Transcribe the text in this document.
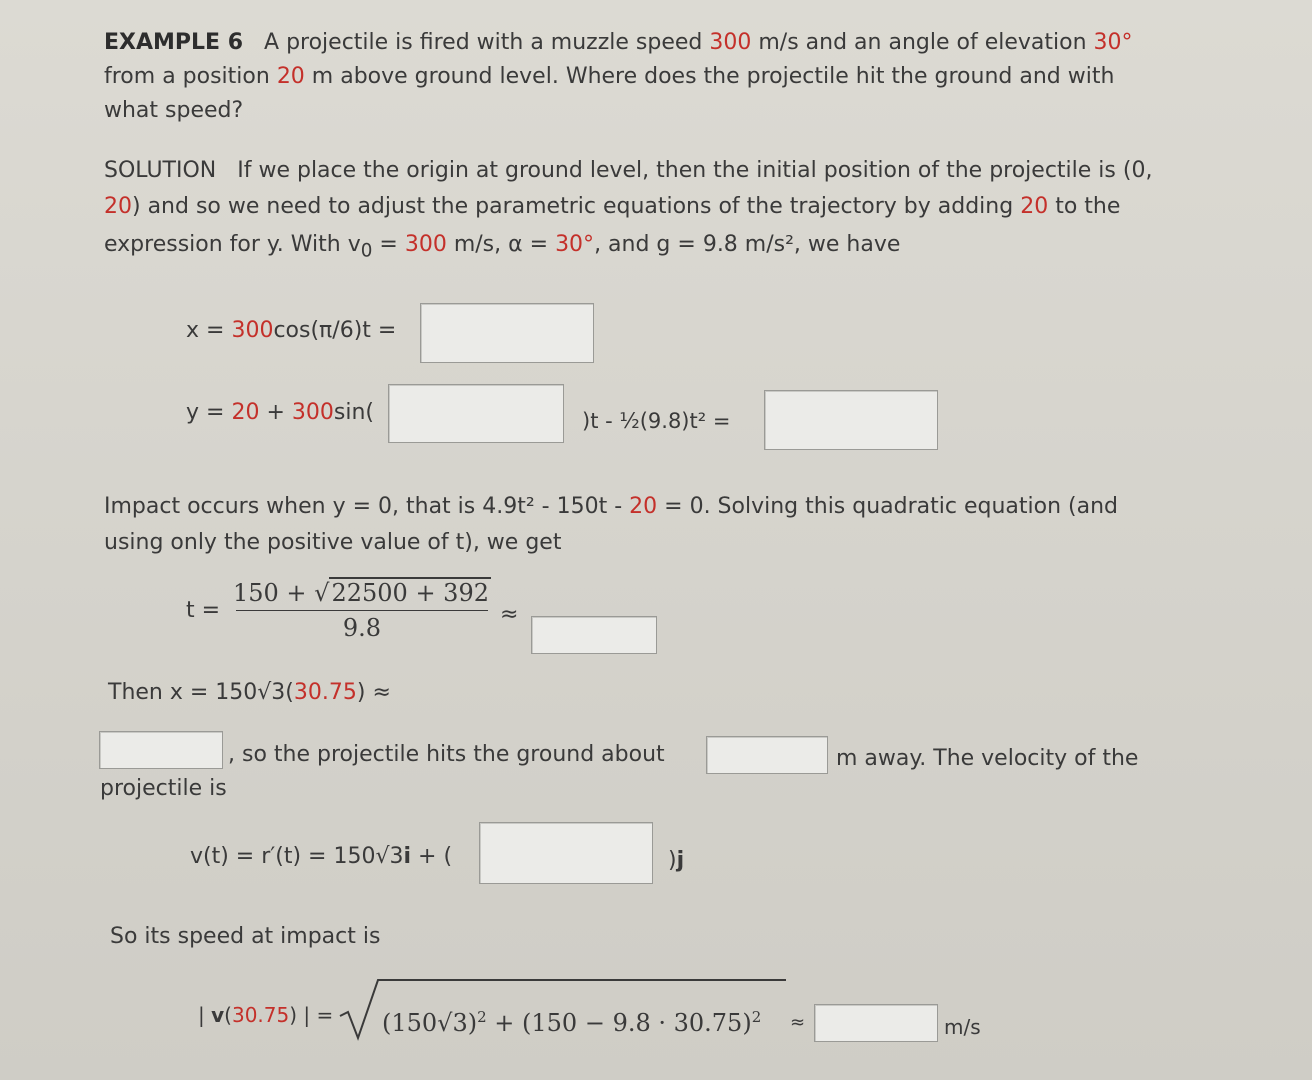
EXAMPLE 6 A projectile is fired with a muzzle speed 300 m/s and an angle of elevation 30°
from a position 20 m above ground level. Where does the projectile hit the ground and with
what speed?
SOLUTION If we place the origin at ground level, then the initial position of the projectile is (0,
20) and so we need to adjust the parametric equations of the trajectory by adding 20 to the
expression for y. With $v_0 = 300$ m/s, α = 30°, and g = 9.8 m/s², we have
x = 300cos(π/6)t =
y = 20 + 300sin(	)t - ½(9.8)t² =
Impact occurs when y = 0, that is 4.9t² - 150t - 20 = 0. Solving this quadratic equation (and
using only the positive value of t), we get
$t = \frac{150 + √22500 + 392}{9.8}$ ≈
Then x = 150√3(30.75) ≈
, so the projectile hits the ground about	m away. The velocity of the
projectile is
v(t) = r′(t) = 150√3i + (	)j
So its speed at impact is
| v(30.75) | = $(150√3)^2 + (150 - 9.8 \cdot 30.75)^2$ ≈	m/s
